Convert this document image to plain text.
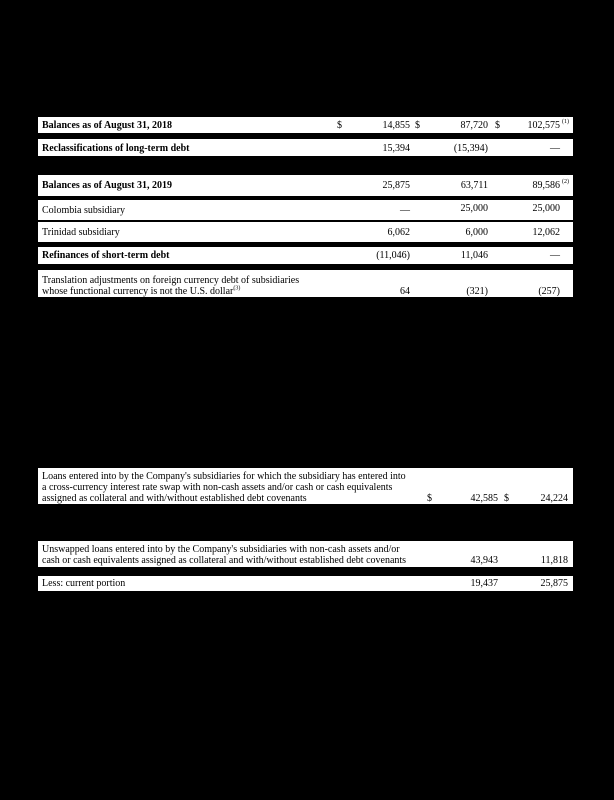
Balances as of August 31, 2018	$	14,855 $	87,720 $	102,575 (1)
Reclassifications of long-term debt	15,394	(15,394)	—
Balances as of August 31, 2019	25,875	63,711	89,586 (2)
Colombia subsidiary	—	25,000	25,000
Trinidad subsidiary	6,062	6,000	12,062
Refinances of short-term debt	(11,046)	11,046	—
Translation adjustments on foreign currency debt of subsidiaries
whose functional currency is not the U.S. dollar$^{(3)}$	64	(321)	(257)
Loans entered into by the Company's subsidiaries for which the subsidiary has entered into
a cross-currency interest rate swap with non-cash assets and/or cash or cash equivalents
assigned as collateral and with/without established debt covenants	$	42,585 $	24,224
Unswapped loans entered into by the Company's subsidiaries with non-cash assets and/or
cash or cash equivalents assigned as collateral and with/without established debt covenants	43,943	11,818
Less: current portion	19,437	25,875
